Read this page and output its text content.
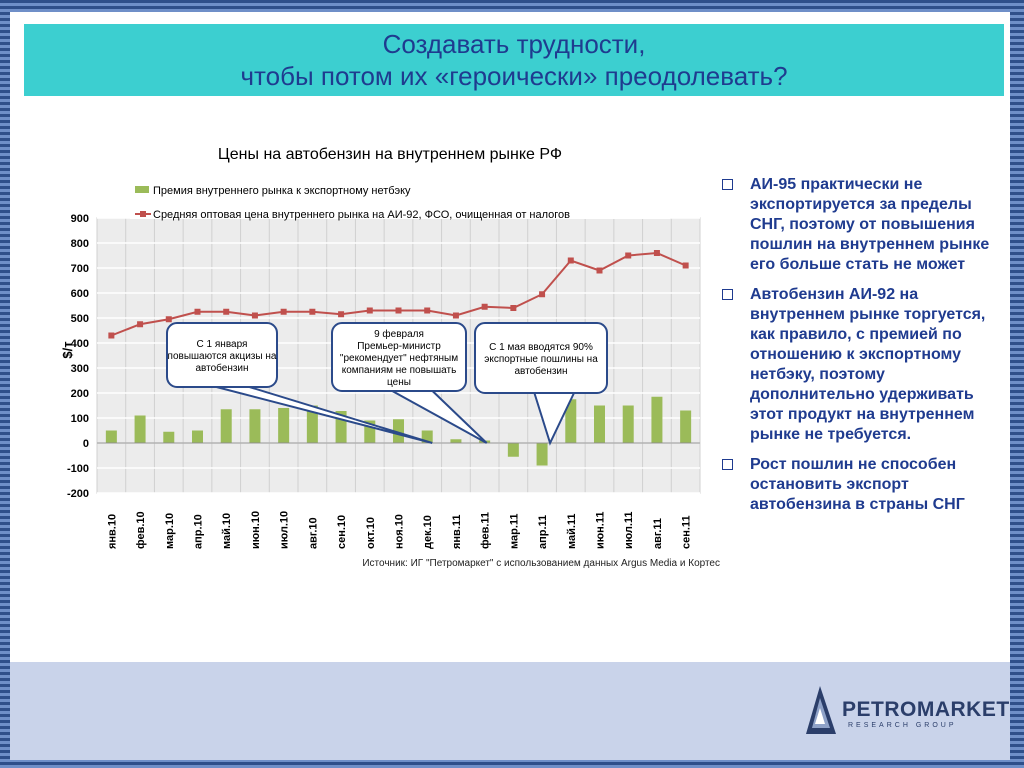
Создавать трудности,
чтобы потом их «героически» преодолевать?
Цены на автобензин на внутреннем рынке РФ
900
800
700
600
500
400
300
200
100
0
-100
-200
$/т
янв.10 фев.10 мар.10 апр.10 май.10 июн.10 июл.10 авг.10 сен.10 окт.10 ноя.10 дек.10 янв.11 фев.11 мар.11 апр.11 май.11 июн.11 июл.11 авг.11 сен.11
Премия внутреннего рынка к экспортному нетбэку
Средняя оптовая цена внутреннего рынка на АИ-92, ФСО, очищенная от налогов
С 1 января
повышаются акцизы на
автобензин
9 февраля
Премьер-министр
"рекомендует" нефтяным
компаниям не повышать
цены
С 1 мая вводятся 90%
экспортные пошлины на
автобензин
Источник: ИГ "Петромаркет" с использованием данных Argus Media и Кортес
АИ-95 практически не экспортируется за пределы СНГ, поэтому от повышения пошлин на внутреннем рынке его больше стать не может
Автобензин АИ-92 на внутреннем рынке торгуется, как правило, с премией по отношению к экспортному нетбэку, поэтому дополнительно удерживать этот продукт на внутреннем рынке не требуется.
Рост пошлин не способен остановить экспорт автобензина в страны СНГ
PETROMARKET
RESEARCH GROUP
